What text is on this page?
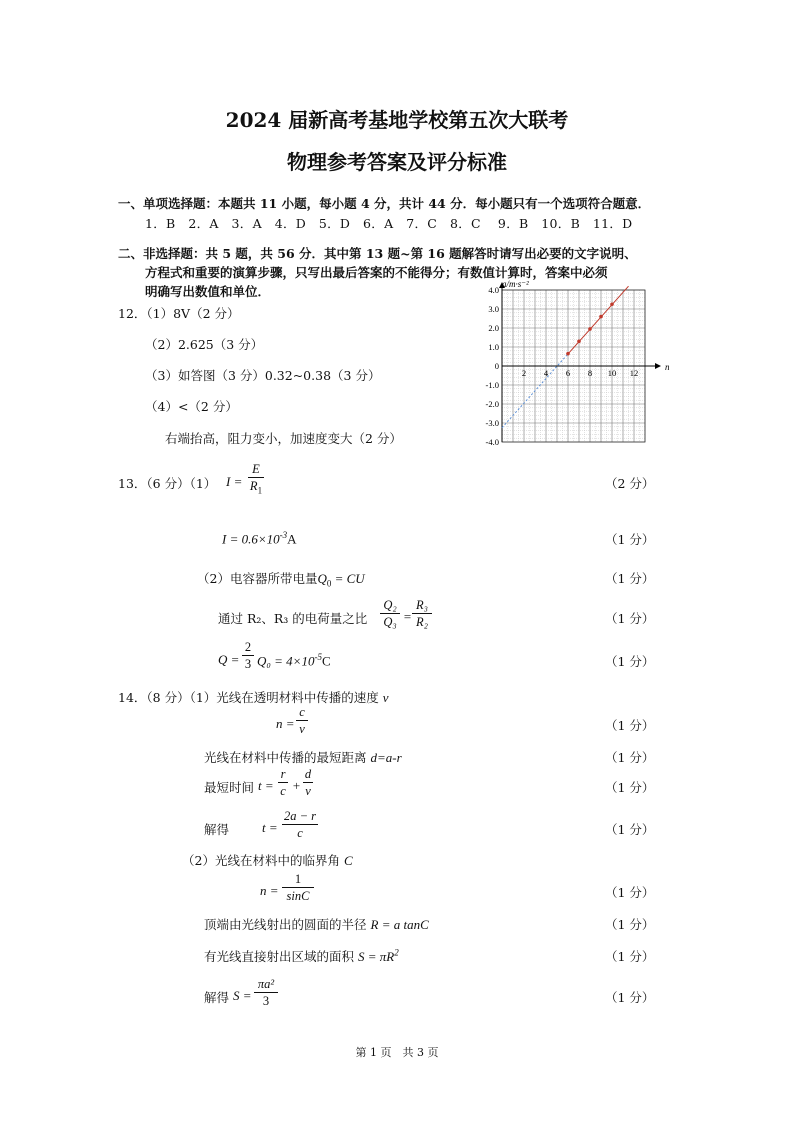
2024 届新高考基地学校第五次大联考
物理参考答案及评分标准
一、单项选择题：本题共 11 小题，每小题 4 分，共计 44 分．每小题只有一个选项符合题意．
1．B　2．A　3．A　4．D　5．D　6．A　7．C　8．C　 9．B　10．B　11．D
二、非选择题：共 5 题，共 56 分．其中第 13 题~第 16 题解答时请写出必要的文字说明、
方程式和重要的演算步骤，只写出最后答案的不能得分；有数值计算时，答案中必须
明确写出数值和单位．
12．（1）8V（2 分）
（2）2.625（3 分）
（3）如答图（3 分）0.32~0.38（3 分）
（4）<（2 分）
右端抬高，阻力变小，加速度变大（2 分）
4.0
3.0
2.0
1.0
0
-1.0
-2.0
-3.0
-4.0
2 4 6 8 10 12
a/m·s⁻²
n
13．（6 分）（1） I =
E
$R_1$	（2 分）
$I = 0.6\times 10^{-3}A$	（1 分）
（2）电容器所带电量$Q_0$ = CU	（1 分）
通过 R₂、R₃ 的电荷量之比
Q₂
Q₃ =
R₃
R₂	（1 分）
Q =
2
3 $Q_0 = 4\times 10^{-5}C$	（1 分）
14．（8 分）（1）光线在透明材料中传播的速度 v
n =
c
v	（1 分）
光线在材料中传播的最短距离 d=a-r	（1 分）
最短时间 t =
r
c +
d
v	（1 分）
解得	t =
2a − r
c	（1 分）
（2）光线在材料中的临界角 C
n =
1
sinC	（1 分）
顶端由光线射出的圆面的半径 R = a tanC	（1 分）
有光线直接射出区域的面积 $S = \pi R^2$	（1 分）
解得 S =
πa²
3	（1 分）
第 1 页　共 3 页
